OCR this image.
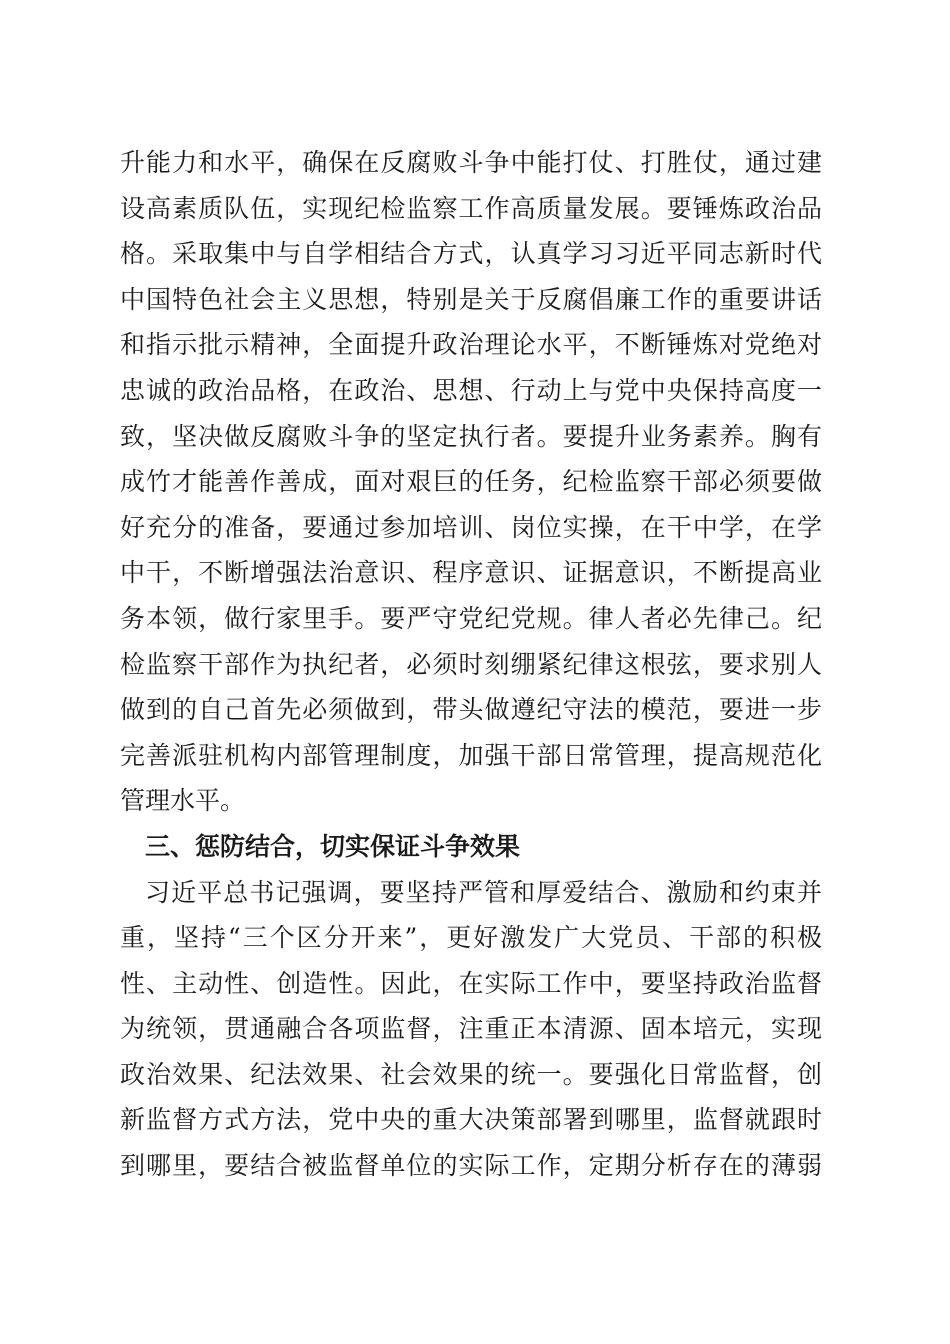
升能力和水平，确保在反腐败斗争中能打仗、打胜仗，通过建
设高素质队伍，实现纪检监察工作高质量发展。要锤炼政治品
格。采取集中与自学相结合方式，认真学习习近平同志新时代
中国特色社会主义思想，特别是关于反腐倡廉工作的重要讲话
和指示批示精神，全面提升政治理论水平，不断锤炼对党绝对
忠诚的政治品格，在政治、思想、行动上与党中央保持高度一
致，坚决做反腐败斗争的坚定执行者。要提升业务素养。胸有
成竹才能善作善成，面对艰巨的任务，纪检监察干部必须要做
好充分的准备，要通过参加培训、岗位实操，在干中学，在学
中干，不断增强法治意识、程序意识、证据意识，不断提高业
务本领，做行家里手。要严守党纪党规。律人者必先律己。纪
检监察干部作为执纪者，必须时刻绷紧纪律这根弦，要求别人
做到的自己首先必须做到，带头做遵纪守法的模范，要进一步
完善派驻机构内部管理制度，加强干部日常管理，提高规范化
管理水平。
三、惩防结合，切实保证斗争效果
习近平总书记强调，要坚持严管和厚爱结合、激励和约束并
重，坚持“三个区分开来”，更好激发广大党员、干部的积极
性、主动性、创造性。因此，在实际工作中，要坚持政治监督
为统领，贯通融合各项监督，注重正本清源、固本培元，实现
政治效果、纪法效果、社会效果的统一。要强化日常监督，创
新监督方式方法，党中央的重大决策部署到哪里，监督就跟时
到哪里，要结合被监督单位的实际工作，定期分析存在的薄弱
